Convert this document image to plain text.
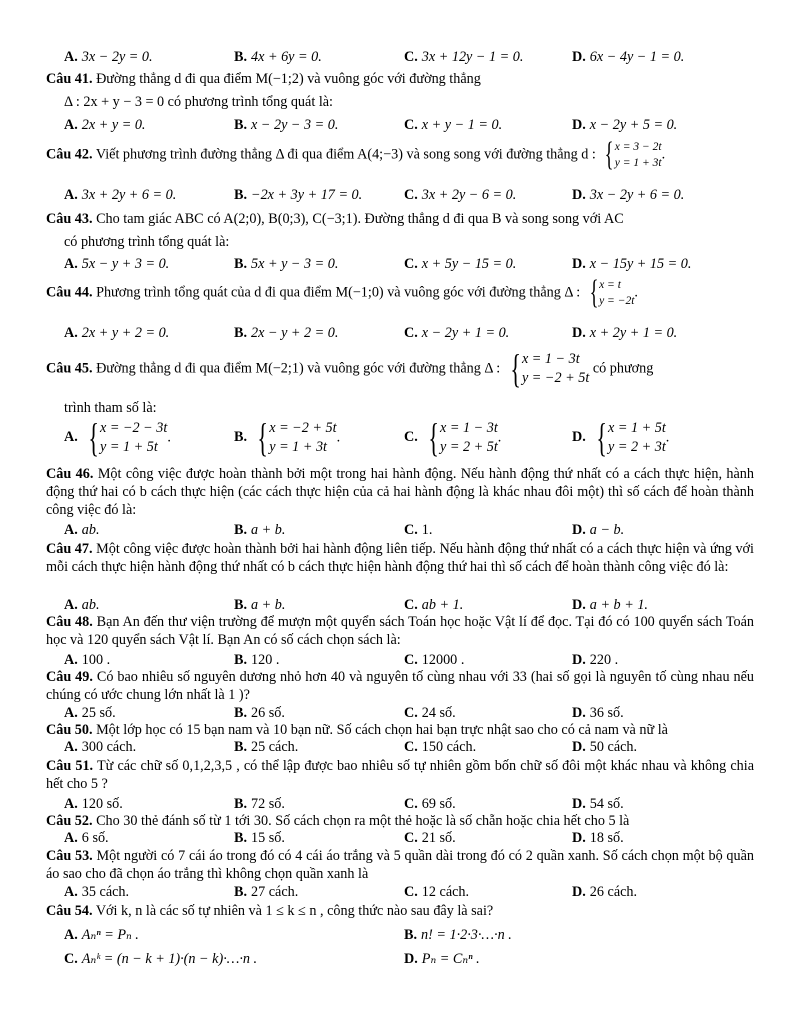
A. 3x − 2y = 0.	B. 4x + 6y = 0.	C. 3x + 12y − 1 = 0.	D. 6x − 4y − 1 = 0.
Câu 41. Đường thẳng d đi qua điểm M(−1;2) và vuông góc với đường thẳng
Δ : 2x + y − 3 = 0 có phương trình tổng quát là:
A. 2x + y = 0.	B. x − 2y − 3 = 0.	C. x + y − 1 = 0.	D. x − 2y + 5 = 0.
Câu 42. Viết phương trình đường thẳng Δ đi qua điểm A(4;−3) và song song với đường thẳng d : { x = 3 − 2t
y = 1 + 3t
.
A. 3x + 2y + 6 = 0.	B. −2x + 3y + 17 = 0.	C. 3x + 2y − 6 = 0.	D. 3x − 2y + 6 = 0.
Câu 43. Cho tam giác ABC có A(2;0), B(0;3), C(−3;1). Đường thẳng d đi qua B và song song với AC
có phương trình tổng quát là:
A. 5x − y + 3 = 0.	B. 5x + y − 3 = 0.	C. x + 5y − 15 = 0.	D. x − 15y + 15 = 0.
Câu 44. Phương trình tổng quát của d đi qua điểm M(−1;0) và vuông góc với đường thẳng Δ : { x = t
y = −2t
.
A. 2x + y + 2 = 0.	B. 2x − y + 2 = 0.	C. x − 2y + 1 = 0.	D. x + 2y + 1 = 0.
Câu 45. Đường thẳng d đi qua điểm M(−2;1) và vuông góc với đường thẳng Δ : { x = 1 − 3t
y = −2 + 5t
có phương
trình tham số là:
A. { x = −2 − 3t
y = 1 + 5t
.	B. { x = −2 + 5t
y = 1 + 3t
.	C. { x = 1 − 3t
y = 2 + 5t
.	D. { x = 1 + 5t
y = 2 + 3t
.
Câu 46. Một công việc được hoàn thành bởi một trong hai hành động. Nếu hành động thứ nhất có a cách thực hiện, hành động thứ hai có b cách thực hiện (các cách thực hiện của cả hai hành động là khác nhau đôi một) thì số cách để hoàn thành công việc đó là:
A. ab.	B. a + b.	C. 1.	D. a − b.
Câu 47. Một công việc được hoàn thành bởi hai hành động liên tiếp. Nếu hành động thứ nhất có a cách thực hiện và ứng với mỗi cách thực hiện hành động thứ nhất có b cách thực hiện hành động thứ hai thì số cách để hoàn thành công việc đó là:
A. ab.	B. a + b.	C. ab + 1.	D. a + b + 1.
Câu 48. Bạn An đến thư viện trường để mượn một quyển sách Toán học hoặc Vật lí để đọc. Tại đó có 100 quyển sách Toán học và 120 quyển sách Vật lí. Bạn An có số cách chọn sách là:
A. 100 .	B. 120 .	C. 12000 .	D. 220 .
Câu 49. Có bao nhiêu số nguyên dương nhỏ hơn 40 và nguyên tố cùng nhau với 33 (hai số gọi là nguyên tố cùng nhau nếu chúng có ước chung lớn nhất là 1 )?
A. 25 số.	B. 26 số.	C. 24 số.	D. 36 số.
Câu 50. Một lớp học có 15 bạn nam và 10 bạn nữ. Số cách chọn hai bạn trực nhật sao cho có cả nam và nữ là
A. 300 cách.	B. 25 cách.	C. 150 cách.	D. 50 cách.
Câu 51. Từ các chữ số 0,1,2,3,5 , có thể lập được bao nhiêu số tự nhiên gồm bốn chữ số đôi một khác nhau và không chia hết cho 5 ?
A. 120 số.	B. 72 số.	C. 69 số.	D. 54 số.
Câu 52. Cho 30 thẻ đánh số từ 1 tới 30. Số cách chọn ra một thẻ hoặc là số chẵn hoặc chia hết cho 5 là
A. 6 số.	B. 15 số.	C. 21 số.	D. 18 số.
Câu 53. Một người có 7 cái áo trong đó có 4 cái áo trắng và 5 quần dài trong đó có 2 quần xanh. Số cách chọn một bộ quần áo sao cho đã chọn áo trắng thì không chọn quần xanh là
A. 35 cách.	B. 27 cách.	C. 12 cách.	D. 26 cách.
Câu 54. Với k, n là các số tự nhiên và 1 ≤ k ≤ n , công thức nào sau đây là sai?
A. Aₙⁿ = Pₙ .	B. n! = 1·2·3·…·n .
C. Aₙᵏ = (n − k + 1)·(n − k)·…·n .	D. Pₙ = Cₙⁿ .
